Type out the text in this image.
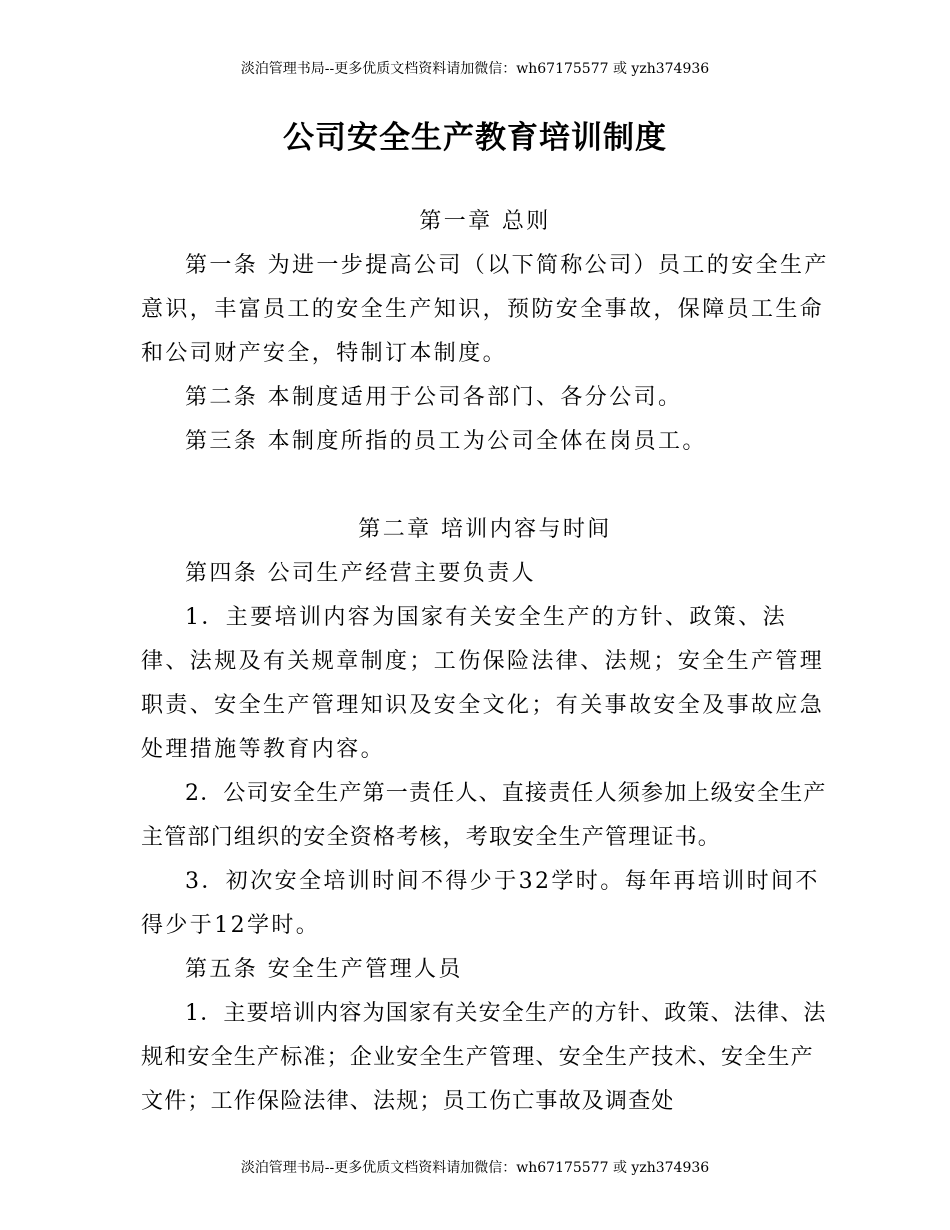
淡泊管理书局--更多优质文档资料请加微信：wh67175577 或 yzh374936
公司安全生产教育培训制度

第一章 总则

第一条 为进一步提高公司（以下简称公司）员工的安全生产意识，丰富员工的安全生产知识，预防安全事故，保障员工生命和公司财产安全，特制订本制度。

第二条 本制度适用于公司各部门、各分公司。

第三条 本制度所指的员工为公司全体在岗员工。

第二章 培训内容与时间

第四条 公司生产经营主要负责人

1．主要培训内容为国家有关安全生产的方针、政策、法律、法规及有关规章制度；工伤保险法律、法规；安全生产管理职责、安全生产管理知识及安全文化；有关事故安全及事故应急处理措施等教育内容。

2．公司安全生产第一责任人、直接责任人须参加上级安全生产主管部门组织的安全资格考核，考取安全生产管理证书。

3．初次安全培训时间不得少于32学时。每年再培训时间不得少于12学时。

第五条 安全生产管理人员

1．主要培训内容为国家有关安全生产的方针、政策、法律、法规和安全生产标准；企业安全生产管理、安全生产技术、安全生产文件；工作保险法律、法规；员工伤亡事故及调查处

淡泊管理书局--更多优质文档资料请加微信：wh67175577 或 yzh374936
